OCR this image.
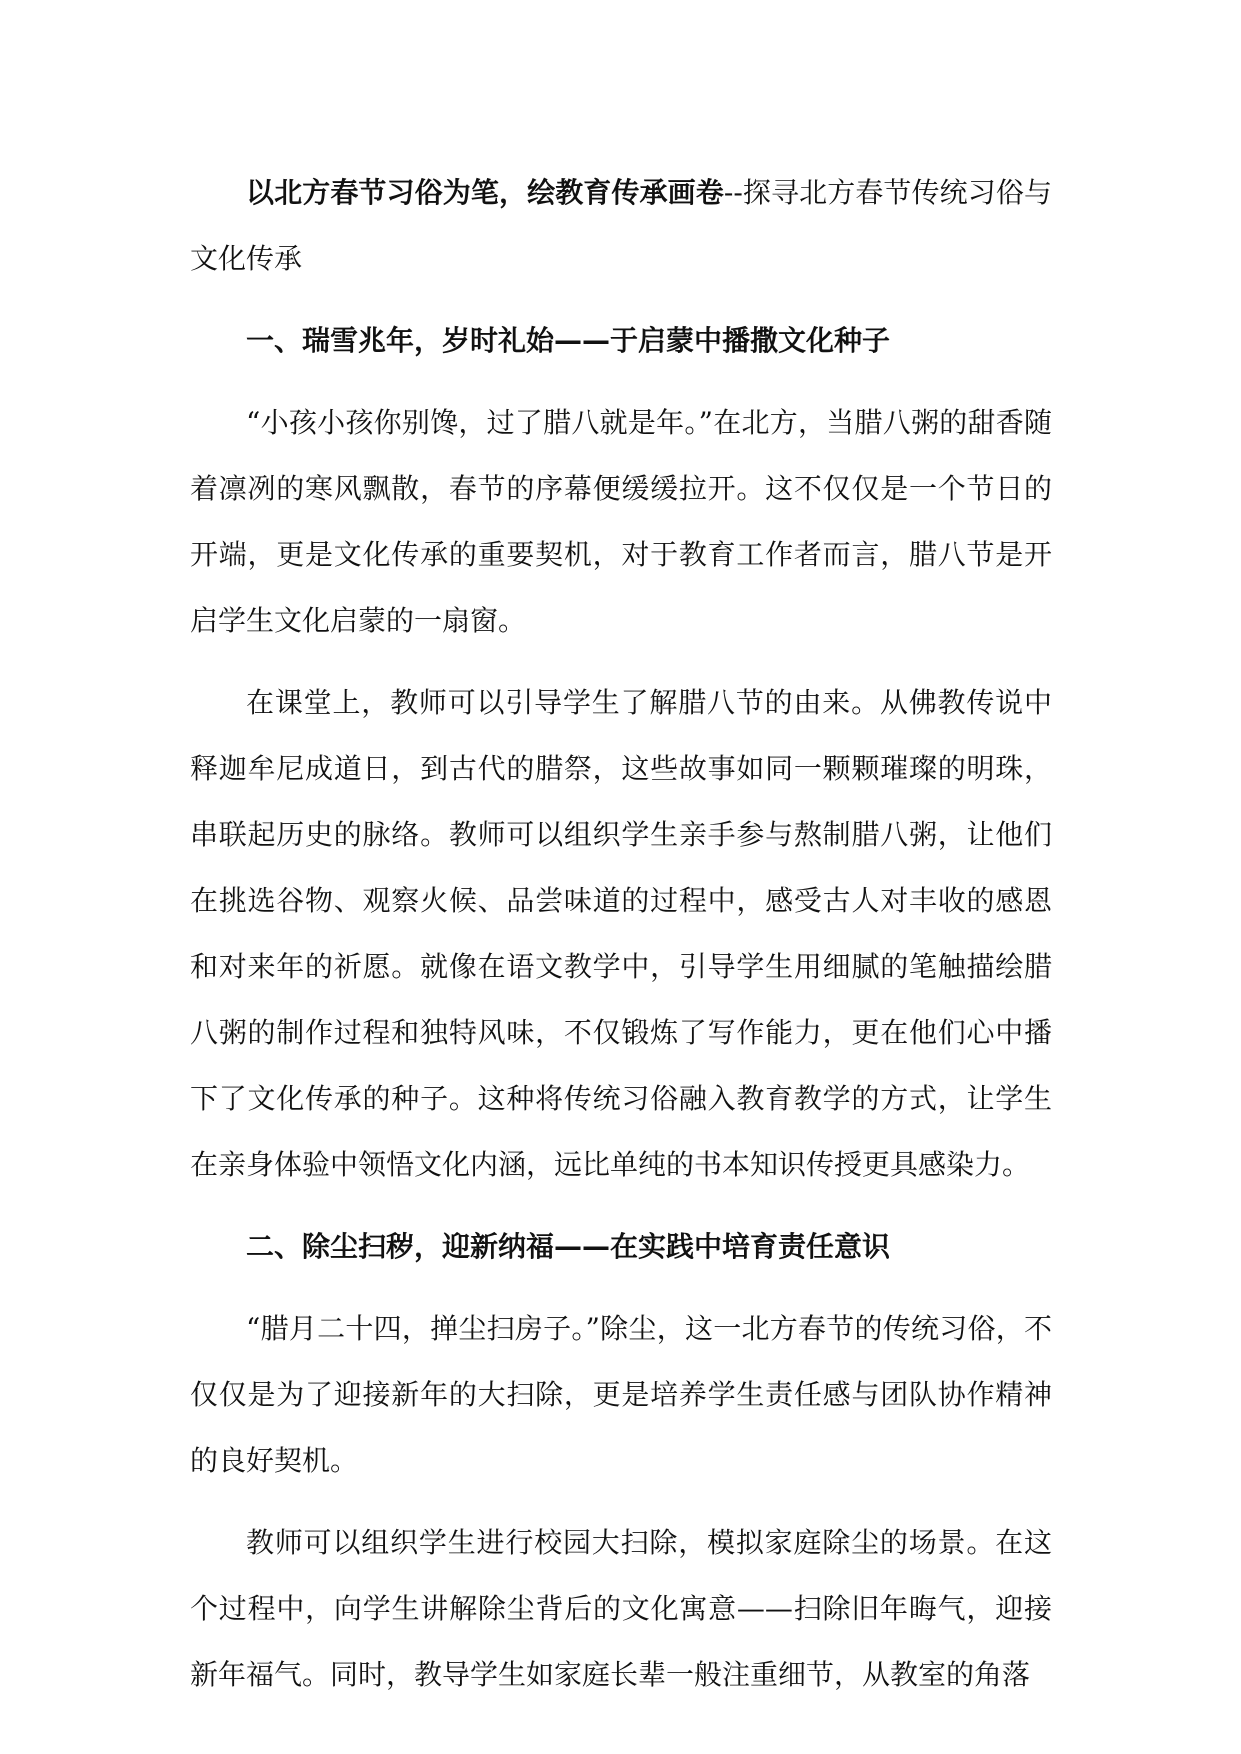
以北方春节习俗为笔，绘教育传承画卷--探寻北方春节传统习俗与文化传承

一、瑞雪兆年，岁时礼始——于启蒙中播撒文化种子

“小孩小孩你别馋，过了腊八就是年。”在北方，当腊八粥的甜香随着凛冽的寒风飘散，春节的序幕便缓缓拉开。这不仅仅是一个节日的开端，更是文化传承的重要契机，对于教育工作者而言，腊八节是开启学生文化启蒙的一扇窗。

在课堂上，教师可以引导学生了解腊八节的由来。从佛教传说中释迦牟尼成道日，到古代的腊祭，这些故事如同一颗颗璀璨的明珠，串联起历史的脉络。教师可以组织学生亲手参与熬制腊八粥，让他们在挑选谷物、观察火候、品尝味道的过程中，感受古人对丰收的感恩和对来年的祈愿。就像在语文教学中，引导学生用细腻的笔触描绘腊八粥的制作过程和独特风味，不仅锻炼了写作能力，更在他们心中播下了文化传承的种子。这种将传统习俗融入教育教学的方式，让学生在亲身体验中领悟文化内涵，远比单纯的书本知识传授更具感染力。

二、除尘扫秽，迎新纳福——在实践中培育责任意识

“腊月二十四，掸尘扫房子。”除尘，这一北方春节的传统习俗，不仅仅是为了迎接新年的大扫除，更是培养学生责任感与团队协作精神的良好契机。

教师可以组织学生进行校园大扫除，模拟家庭除尘的场景。在这个过程中，向学生讲解除尘背后的文化寓意——扫除旧年晦气，迎接新年福气。同时，教导学生如家庭长辈一般注重细节，从教室的角落
